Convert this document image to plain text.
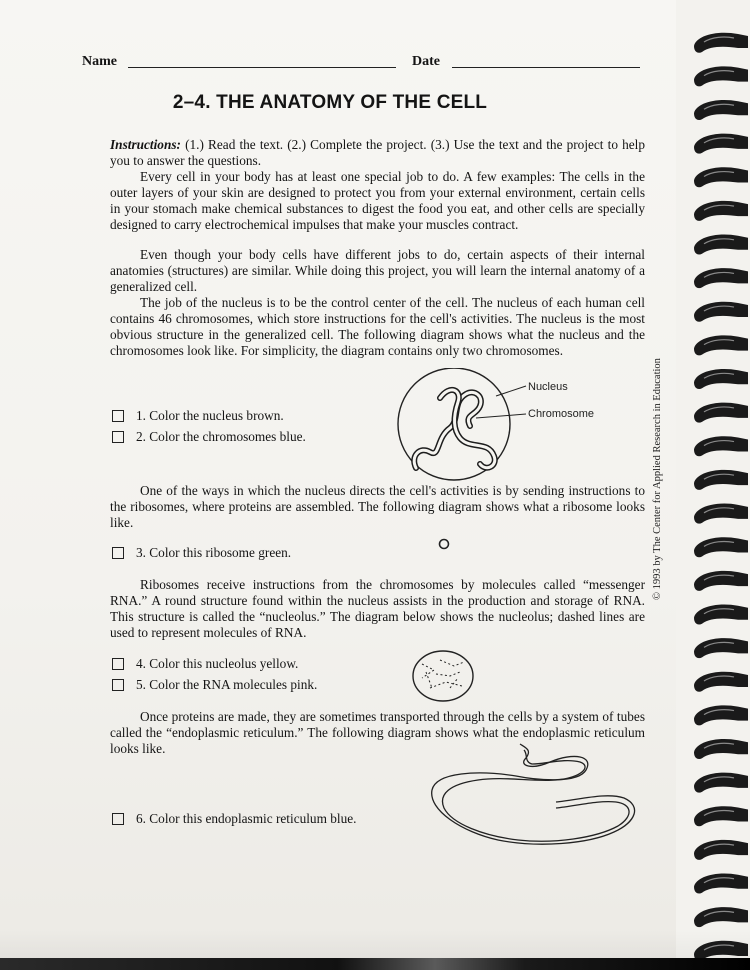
Name	Date
2–4. THE ANATOMY OF THE CELL
Instructions: (1.) Read the text. (2.) Complete the project. (3.) Use the text and the project to help you to answer the questions.
Every cell in your body has at least one special job to do. A few examples: The cells in the outer layers of your skin are designed to protect you from your external environment, certain cells in your stomach make chemical substances to digest the food you eat, and other cells are specially designed to carry electrochemical impulses that make your muscles contract.
Even though your body cells have different jobs to do, certain aspects of their internal anatomies (structures) are similar. While doing this project, you will learn the internal anatomy of a generalized cell.
The job of the nucleus is to be the control center of the cell. The nucleus of each human cell contains 46 chromosomes, which store instructions for the cell's activities. The nucleus is the most obvious structure in the generalized cell. The following diagram shows what the nucleus and the chromosomes look like. For simplicity, the diagram contains only two chromosomes.
Nucleus
Chromosome
1. Color the nucleus brown.
2. Color the chromosomes blue.
One of the ways in which the nucleus directs the cell's activities is by sending instructions to the ribosomes, where proteins are assembled. The following diagram shows what a ribosome looks like.
3. Color this ribosome green.
Ribosomes receive instructions from the chromosomes by molecules called “messenger RNA.” A round structure found within the nucleus assists in the production and storage of RNA. This structure is called the “nucleolus.” The diagram below shows the nucleolus; dashed lines are used to represent molecules of RNA.
4. Color this nucleolus yellow.
5. Color the RNA molecules pink.
Once proteins are made, they are sometimes transported through the cells by a system of tubes called the “endoplasmic reticulum.” The following diagram shows what the endoplasmic reticulum looks like.
6. Color this endoplasmic reticulum blue.
© 1993 by The Center for Applied Research in Education
